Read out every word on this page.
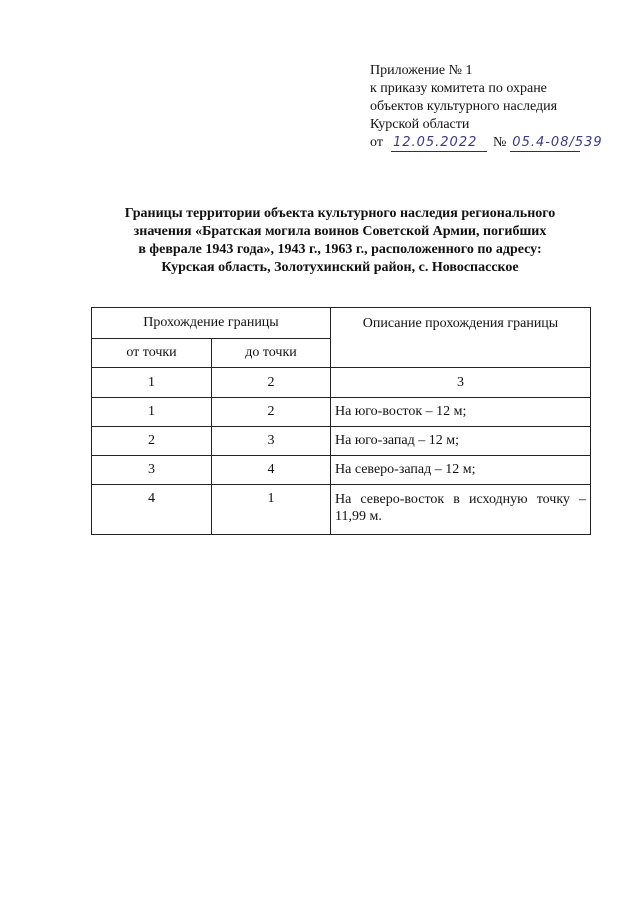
Приложение № 1
к приказу комитета по охране
объектов культурного наследия
Курской области
от 12.05.2022	№ 05.4-08/539
Границы территории объекта культурного наследия регионального
значения «Братская могила воинов Советской Армии, погибших
в феврале 1943 года», 1943 г., 1963 г., расположенного по адресу:
Курская область, Золотухинский район, с. Новоспасское
Прохождение границы		Описание прохождения границы
от точки	до точки	
1	2	3
1	2	На юго-восток – 12 м;
2	3	На юго-запад – 12 м;
3	4	На северо-запад – 12 м;
4	1	На северо-восток в исходную точку – 11,99 м.
